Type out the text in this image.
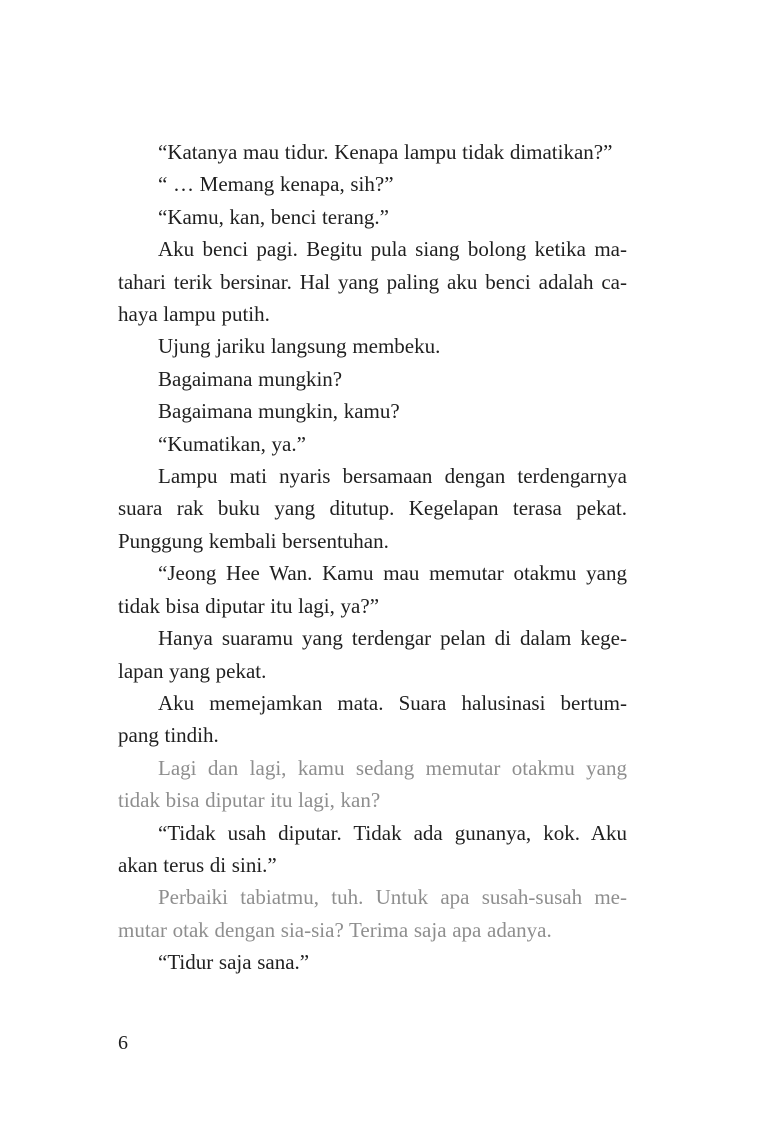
“Katanya mau tidur. Kenapa lampu tidak dimatikan?”
“ … Memang kenapa, sih?”
“Kamu, kan, benci terang.”
Aku benci pagi. Begitu pula siang bolong ketika ma-
tahari terik bersinar. Hal yang paling aku benci adalah ca-
haya lampu putih.
Ujung jariku langsung membeku.
Bagaimana mungkin?
Bagaimana mungkin, kamu?
“Kumatikan, ya.”
Lampu mati nyaris bersamaan dengan terdengarnya
suara rak buku yang ditutup. Kegelapan terasa pekat.
Punggung kembali bersentuhan.
“Jeong Hee Wan. Kamu mau memutar otakmu yang
tidak bisa diputar itu lagi, ya?”
Hanya suaramu yang terdengar pelan di dalam kege-
lapan yang pekat.
Aku memejamkan mata. Suara halusinasi bertum-
pang tindih.
Lagi dan lagi, kamu sedang memutar otakmu yang
tidak bisa diputar itu lagi, kan?
“Tidak usah diputar. Tidak ada gunanya, kok. Aku
akan terus di sini.”
Perbaiki tabiatmu, tuh. Untuk apa susah-susah me-
mutar otak dengan sia-sia? Terima saja apa adanya.
“Tidur saja sana.”
6
